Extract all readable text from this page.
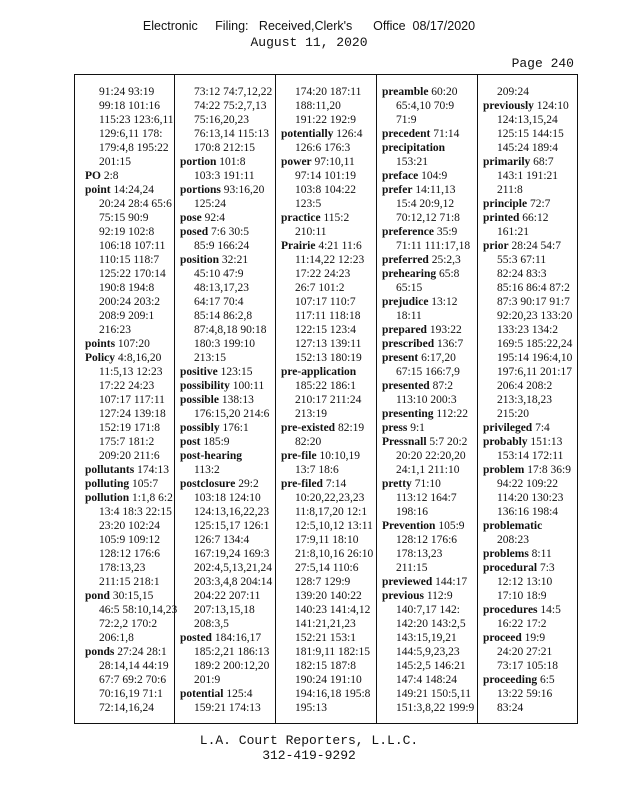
Electronic     Filing:   Received,Clerk's      Office  08/17/2020
August 11, 2020
Page 240
91:24 93:19
99:18 101:16
115:23 123:6,11
129:6,11 178:
179:4,8 195:22
201:15
PO 2:8
point 14:24,24
20:24 28:4 65:6
75:15 90:9
92:19 102:8
106:18 107:11
110:15 118:7
125:22 170:14
190:8 194:8
200:24 203:2
208:9 209:1
216:23
points 107:20
Policy 4:8,16,20
11:5,13 12:23
17:22 24:23
107:17 117:11
127:24 139:18
152:19 171:8
175:7 181:2
209:20 211:6
pollutants 174:13
polluting 105:7
pollution 1:1,8 6:2
13:4 18:3 22:15
23:20 102:24
105:9 109:12
128:12 176:6
178:13,23
211:15 218:1
pond 30:15,15
46:5 58:10,14,23
72:2,2 170:2
206:1,8
ponds 27:24 28:1
28:14,14 44:19
67:7 69:2 70:6
70:16,19 71:1
72:14,16,24
73:12 74:7,12,22
74:22 75:2,7,13
75:16,20,23
76:13,14 115:13
170:8 212:15
portion 101:8
103:3 191:11
portions 93:16,20
125:24
pose 92:4
posed 7:6 30:5
85:9 166:24
position 32:21
45:10 47:9
48:13,17,23
64:17 70:4
85:14 86:2,8
87:4,8,18 90:18
180:3 199:10
213:15
positive 123:15
possibility 100:11
possible 138:13
176:15,20 214:6
possibly 176:1
post 185:9
post-hearing
113:2
postclosure 29:2
103:18 124:10
124:13,16,22,23
125:15,17 126:1
126:7 134:4
167:19,24 169:3
202:4,5,13,21,24
203:3,4,8 204:14
204:22 207:11
207:13,15,18
208:3,5
posted 184:16,17
185:2,21 186:13
189:2 200:12,20
201:9
potential 125:4
159:21 174:13
174:20 187:11
188:11,20
191:22 192:9
potentially 126:4
126:6 176:3
power 97:10,11
97:14 101:19
103:8 104:22
123:5
practice 115:2
210:11
Prairie 4:21 11:6
11:14,22 12:23
17:22 24:23
26:7 101:2
107:17 110:7
117:11 118:18
122:15 123:4
127:13 139:11
152:13 180:19
pre-application
185:22 186:1
210:17 211:24
213:19
pre-existed 82:19
82:20
pre-file 10:10,19
13:7 18:6
pre-filed 7:14
10:20,22,23,23
11:8,17,20 12:1
12:5,10,12 13:11
17:9,11 18:10
21:8,10,16 26:10
27:5,14 110:6
128:7 129:9
139:20 140:22
140:23 141:4,12
141:21,21,23
152:21 153:1
181:9,11 182:15
182:15 187:8
190:24 191:10
194:16,18 195:8
195:13
preamble 60:20
65:4,10 70:9
71:9
precedent 71:14
precipitation
153:21
preface 104:9
prefer 14:11,13
15:4 20:9,12
70:12,12 71:8
preference 35:9
71:11 111:17,18
preferred 25:2,3
prehearing 65:8
65:15
prejudice 13:12
18:11
prepared 193:22
prescribed 136:7
present 6:17,20
67:15 166:7,9
presented 87:2
113:10 200:3
presenting 112:22
press 9:1
Pressnall 5:7 20:2
20:20 22:20,20
24:1,1 211:10
pretty 71:10
113:12 164:7
198:16
Prevention 105:9
128:12 176:6
178:13,23
211:15
previewed 144:17
previous 112:9
140:7,17 142:
142:20 143:2,5
143:15,19,21
144:5,9,23,23
145:2,5 146:21
147:4 148:24
149:21 150:5,11
151:3,8,22 199:9
209:24
previously 124:10
124:13,15,24
125:15 144:15
145:24 189:4
primarily 68:7
143:1 191:21
211:8
principle 72:7
printed 66:12
161:21
prior 28:24 54:7
55:3 67:11
82:24 83:3
85:16 86:4 87:2
87:3 90:17 91:7
92:20,23 133:20
133:23 134:2
169:5 185:22,24
195:14 196:4,10
197:6,11 201:17
206:4 208:2
213:3,18,23
215:20
privileged 7:4
probably 151:13
153:14 172:11
problem 17:8 36:9
94:22 109:22
114:20 130:23
136:16 198:4
problematic
208:23
problems 8:11
procedural 7:3
12:12 13:10
17:10 18:9
procedures 14:5
16:22 17:2
proceed 19:9
24:20 27:21
73:17 105:18
proceeding 6:5
13:22 59:16
83:24
L.A. Court Reporters, L.L.C.
312-419-9292
